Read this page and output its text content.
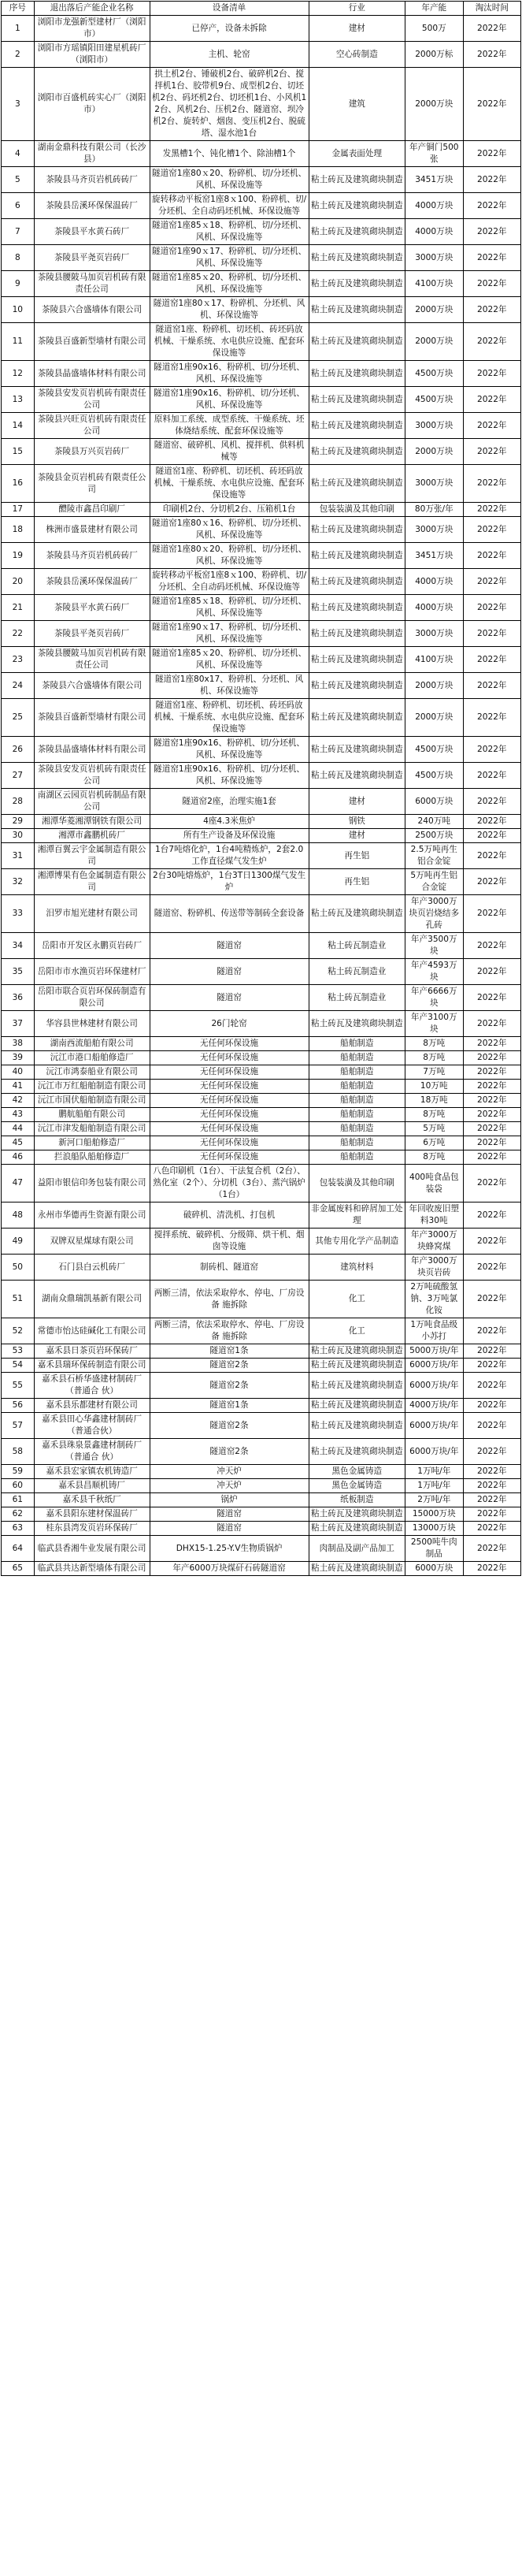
序号	退出落后产能企业名称	设备清单	行业	年产能	淘汰时间
1	浏阳市龙强新型建材厂（浏阳市）	已停产，设备未拆除	建材	500万	2022年
2	浏阳市方瑶镇阳田建星机砖厂（浏阳市）	主机、轮窑	空心砖制造	2000万标	2022年
3	浏阳市百盛机砖实心厂（浏阳市）	拱土机2台、锤破机2台、破碎机2台、搅拌机1台、胶带机9台、成型机2台、切坯机2台、码坯机2台、切坯机1台、小风机12台、风机2台、压机2台、隧道窑、坝冷机2台、旋转炉、烟囱、变压机2台、脱硫塔、湿水池1台	建筑	2000万块	2022年
4	湖南金鼎科技有限公司（长沙县）	发黑槽1个、钝化槽1个、除油槽1个	金属表面处理	年产铜门500张	2022年
5	茶陵县马齐页岩机砖砖厂	隧道窑1座80ｘ20、粉碎机、切/分坯机、风机、环保设施等	粘土砖瓦及建筑砌块制造	3451万块	2022年
6	茶陵县岳溪环保保温砖厂	旋转移动平板窑1座8ｘ100、粉碎机、切/分坯机、全自动码坯机械、环保设施等	粘土砖瓦及建筑砌块制造	4000万块	2022年
7	茶陵县平水黄石砖厂	隧道窑1座85ｘ18、粉碎机、切/分坯机、风机、环保设施等	粘土砖瓦及建筑砌块制造	4000万块	2022年
8	茶陵县平尧页岩砖厂	隧道窑1座90ｘ17、粉碎机、切/分坯机、风机、环保设施等	粘土砖瓦及建筑砌块制造	3000万块	2022年
9	茶陵县腰陂马加页岩机砖有限责任公司	隧道窑1座85ｘ20、粉碎机、切/分坯机、风机、环保设施等	粘土砖瓦及建筑砌块制造	4100万块	2022年
10	茶陵县六合盛墙体有限公司	隧道窑1座80ｘ17、粉碎机、分坯机、风机、环保设施等	粘土砖瓦及建筑砌块制造	2000万块	2022年
11	茶陵县百盛新型墙材有限公司	隧道窑1座、粉碎机、切坯机、砖坯码放机械、干燥系统、水电供应设施、配套环保设施等	粘土砖瓦及建筑砌块制造	2000万块	2022年
12	茶陵县晶盛墙体材料有限公司	隧道窑1座90x16、粉碎机、切/分坯机、风机、环保设施等	粘土砖瓦及建筑砌块制造	4500万块	2022年
13	茶陵县安发页岩机砖有限责任公司	隧道窑1座90x16、粉碎机、切/分坯机、风机、环保设施等	粘土砖瓦及建筑砌块制造	4500万块	2022年
14	茶陵县兴旺页岩机砖有限责任公司	原料加工系统、成型系统、干燥系统、坯体烧结系统、配套环保设施等	粘土砖瓦及建筑砌块制造	3000万块	2022年
15	茶陵县万兴页岩砖厂	隧道窑、破碎机、风机、搅拌机、供料机械等	粘土砖瓦及建筑砌块制造	2000万块	2022年
16	茶陵县金页岩机砖有限责任公司	隧道窑1座、粉碎机、切坯机、砖坯码放机械、干燥系统、水电供应设施、配套环保设施等	粘土砖瓦及建筑砌块制造	3000万块	2022年
17	醴陵市鑫昌印刷厂	印刷机2台、分切机2台、压箱机1台	包装装潢及其他印刷	80万张/年	2022年
18	株洲市盛景建材有限公司	隧道窑1座80ｘ16、粉碎机、切/分坯机、风机、环保设施等	粘土砖瓦及建筑砌块制造	3000万块	2022年
19	茶陵县马齐页岩机砖砖厂	隧道窑1座80ｘ20、粉碎机、切/分坯机、风机、环保设施等	粘土砖瓦及建筑砌块制造	3451万块	2022年
20	茶陵县岳溪环保保温砖厂	旋转移动平板窑1座8ｘ100、粉碎机、切/分坯机、全自动码坯机械、环保设施等	粘土砖瓦及建筑砌块制造	4000万块	2022年
21	茶陵县平水黄石砖厂	隧道窑1座85ｘ18、粉碎机、切/分坯机、风机、环保设施等	粘土砖瓦及建筑砌块制造	4000万块	2022年
22	茶陵县平尧页岩砖厂	隧道窑1座90ｘ17、粉碎机、切/分坯机、风机、环保设施等	粘土砖瓦及建筑砌块制造	3000万块	2022年
23	茶陵县腰陂马加页岩机砖有限责任公司	隧道窑1座85ｘ20、粉碎机、切/分坯机、风机、环保设施等	粘土砖瓦及建筑砌块制造	4100万块	2022年
24	茶陵县六合盛墙体有限公司	隧道窑1座80x17、粉碎机、分坯机、风机、环保设施等	粘土砖瓦及建筑砌块制造	2000万块	2022年
25	茶陵县百盛新型墙材有限公司	隧道窑1座、粉碎机、切坯机、砖坯码放机械、干燥系统、水电供应设施、配套环保设施等	粘土砖瓦及建筑砌块制造	2000万块	2022年
26	茶陵县晶盛墙体材料有限公司	隧道窑1座90x16、粉碎机、切/分坯机、风机、环保设施等	粘土砖瓦及建筑砌块制造	4500万块	2022年
27	茶陵县安发页岩机砖有限责任公司	隧道窑1座90x16、粉碎机、切/分坯机、风机、环保设施等	粘土砖瓦及建筑砌块制造	4500万块	2022年
28	南湖区云园页岩机砖制品有限公司	隧道窑2座，治理实施1套	建材	6000万块	2022年
29	湘潭华菱湘潭钢铁有限公司	4座4.3米焦炉	钢铁	240万吨	2022年
30	湘潭市鑫鹏机砖厂	所有生产设备及环保设施	建材	2500万块	2022年
31	湘潭百翼云宇金属制造有限公司	1台7吨熔化炉，1台4吨精炼炉，2套2.0工作直径煤气发生炉	再生铝	2.5万吨再生铝合金锭	2022年
32	湘潭博果有色金属制造有限公司	2台30吨熔炼炉，1台3T日1300煤气发生炉	再生铝	5万吨再生铝合金锭	2022年
33	汨罗市旭光建材有限公司	隧道窑、粉碎机、传送带等制砖全套设备	粘土砖瓦及建筑砌块制造	年产3000万块页岩烧结多孔砖	2022年
34	岳阳市开发区永鹏页岩砖厂	隧道窑	粘土砖瓦制造业	年产3500万块	2022年
35	岳阳市市水渔页岩环保建材厂	隧道窑	粘土砖瓦制造业	年产4593万块	2022年
36	岳阳市联合页岩环保砖制造有限公司	隧道窑	粘土砖瓦制造业	年产6666万块	2022年
37	华容县世林建材有限公司	26门轮窑	粘土砖瓦及建筑砌块制造	年产3100万块	2022年
38	湖南西流船舶有限公司	无任何环保设施	船舶制造	8万吨	2022年
39	沅江市港口船舶修造厂	无任何环保设施	船舶制造	8万吨	2022年
40	沅江市鸿泰船业有限公司	无任何环保设施	船舶制造	7万吨	2022年
41	沅江市万红船舶制造有限公司	无任何环保设施	船舶制造	10万吨	2022年
42	沅江市国伏船舶制造有限公司	无任何环保设施	船舶制造	18万吨	2022年
43	鹏航船舶有限公司	无任何环保设施	船舶制造	8万吨	2022年
44	沅江市津发船舶制造有限公司	无任何环保设施	船舶制造	5万吨	2022年
45	新河口船舶修造厂	无任何环保设施	船舶制造	6万吨	2022年
46	拦浪船队船舶修造厂	无任何环保设施	船舶制造	8万吨	2022年
47	益阳市银信印务包装有限公司	八色印刷机（1台）、干法复合机（2台）、熟化室（2个）、分切机（3台）、蒸汽锅炉（1台）	包装装潢及其他印刷	400吨食品包装袋	2022年
48	永州市华德再生资源有限公司	破碎机、清洗机、打包机	非金属废料和碎屑加工处理	年回收废旧塑料30吨	2022年
49	双牌双星煤球有限公司	搅拌系统、破碎机、分级筛、烘干机、烟囱等设施	其他专用化学产品制造	年产3000万块蜂窝煤	2022年
50	石门县白云机砖厂	制砖机、隧道窑	建筑材料	年产3000万块页岩砖	2022年
51	湖南众鼎瑞凯基新有限公司	两断三清，依法采取停水、停电、厂房设备 施拆除	化工	2万吨硫酸氢钠、3万吨氯化铵	2022年
52	常德市怡达硅碱化工有限公司	两断三清，依法采取停水、停电、厂房设备 施拆除	化工	1万吨食品级小苏打	2022年
53	嘉禾县日茶页岩环保砖厂	隧道窑1条	粘土砖瓦及建筑砌块制造	5000万块/年	2022年
54	嘉禾县瑞环保砖制造有限公司	隧道窑2条	粘土砖瓦及建筑砌块制造	6000万块/年	2022年
55	嘉禾县石桥华盛建材制砖厂（普通合 伙）	隧道窑2条	粘土砖瓦及建筑砌块制造	6000万块/年	2022年
56	嘉禾县乐都建材有限公司	隧道窑1条	粘土砖瓦及建筑砌块制造	4000万块/年	2022年
57	嘉禾县田心华鑫建材制砖厂（普通合伙）	隧道窑2条	粘土砖瓦及建筑砌块制造	6000万块/年	2022年
58	嘉禾县珠泉景鑫建材制砖厂（普通合 伙）	隧道窑2条	粘土砖瓦及建筑砌块制造	6000万块/年	2022年
59	嘉禾县宏家镇农机铸造厂	冲天炉	黑色金属铸造	1万吨/年	2022年
60	嘉禾县昌顺机铸厂	冲天炉	黑色金属铸造	1万吨/年	2022年
61	嘉禾县千秋纸厂	锅炉	纸板制造	2万吨/年	2022年
62	嘉禾县阳东建材保温砖厂	隧道窑	粘土砖瓦及建筑砌块制造	15000万块	2022年
63	桂东县湾发页岩环保砖厂	隧道窑	粘土砖瓦及建筑砌块制造	13000万块	2022年
64	临武县香湘牛业发展有限公司	DHX15-1.25-Y.V生物质锅炉	肉制品及副产品加工	2500吨牛肉制品	2022年
65	临武县共达新型墙体有限公司	年产6000万块煤矸石砖隧道窑	粘土砖瓦及建筑砌块制造	6000万块	2022年
